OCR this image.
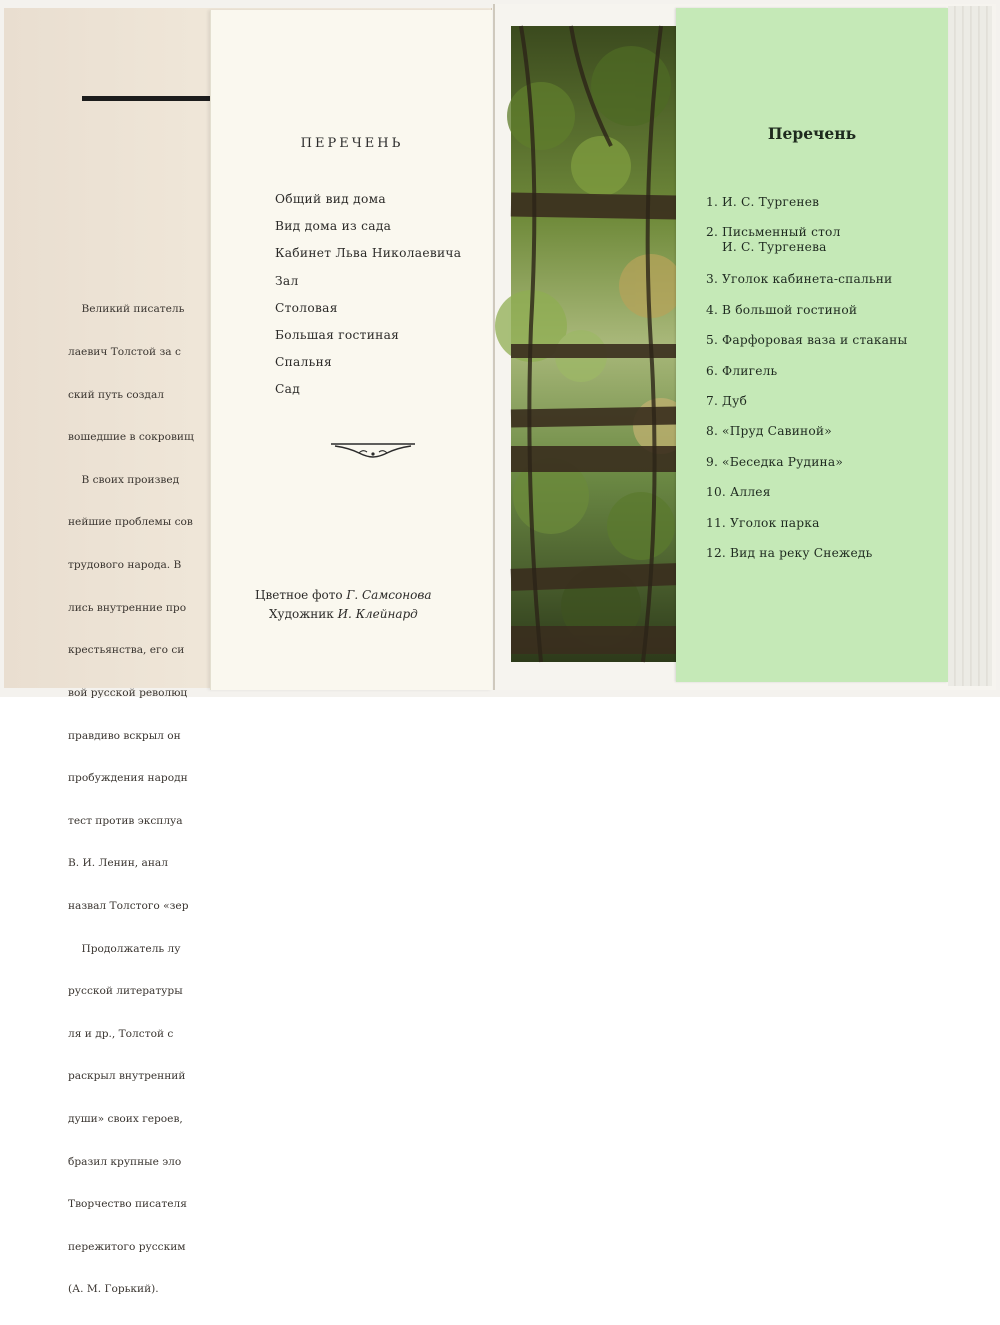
Великий писатель

лаевич Толстой за с

ский путь создал

вошедшие в сокровищ

В своих произвед

нейшие проблемы сов

трудового народа. В

лись внутренние про

крестьянства, его си

вой русской революц

правдиво вскрыл он

пробуждения народн

тест против эксплуа

В. И. Ленин, анал

назвал Толстого «зер

Продолжатель лу

русской литературы

ля и др., Толстой с

раскрыл внутренний

души» своих героев,

бразил крупные эло

Творчество писателя

пережитого русским

(А. М. Горький).

ПЕРЕЧЕНЬ
Общий вид дома
Вид дома из сада
Кабинет Льва Николаевича
Зал
Столовая
Большая гостиная
Спальня
Сад
Цветное фото Г. Самсонова
Художник И. Клейнард
Перечень
1. И. С. Тургенев
2. Письменный стол
И. С. Тургенева
3. Уголок кабинета-спальни
4. В большой гостиной
5. Фарфоровая ваза и стаканы
6. Флигель
7. Дуб
8. «Пруд Савиной»
9. «Беседка Рудина»
10. Аллея
11. Уголок парка
12. Вид на реку Снежедь
